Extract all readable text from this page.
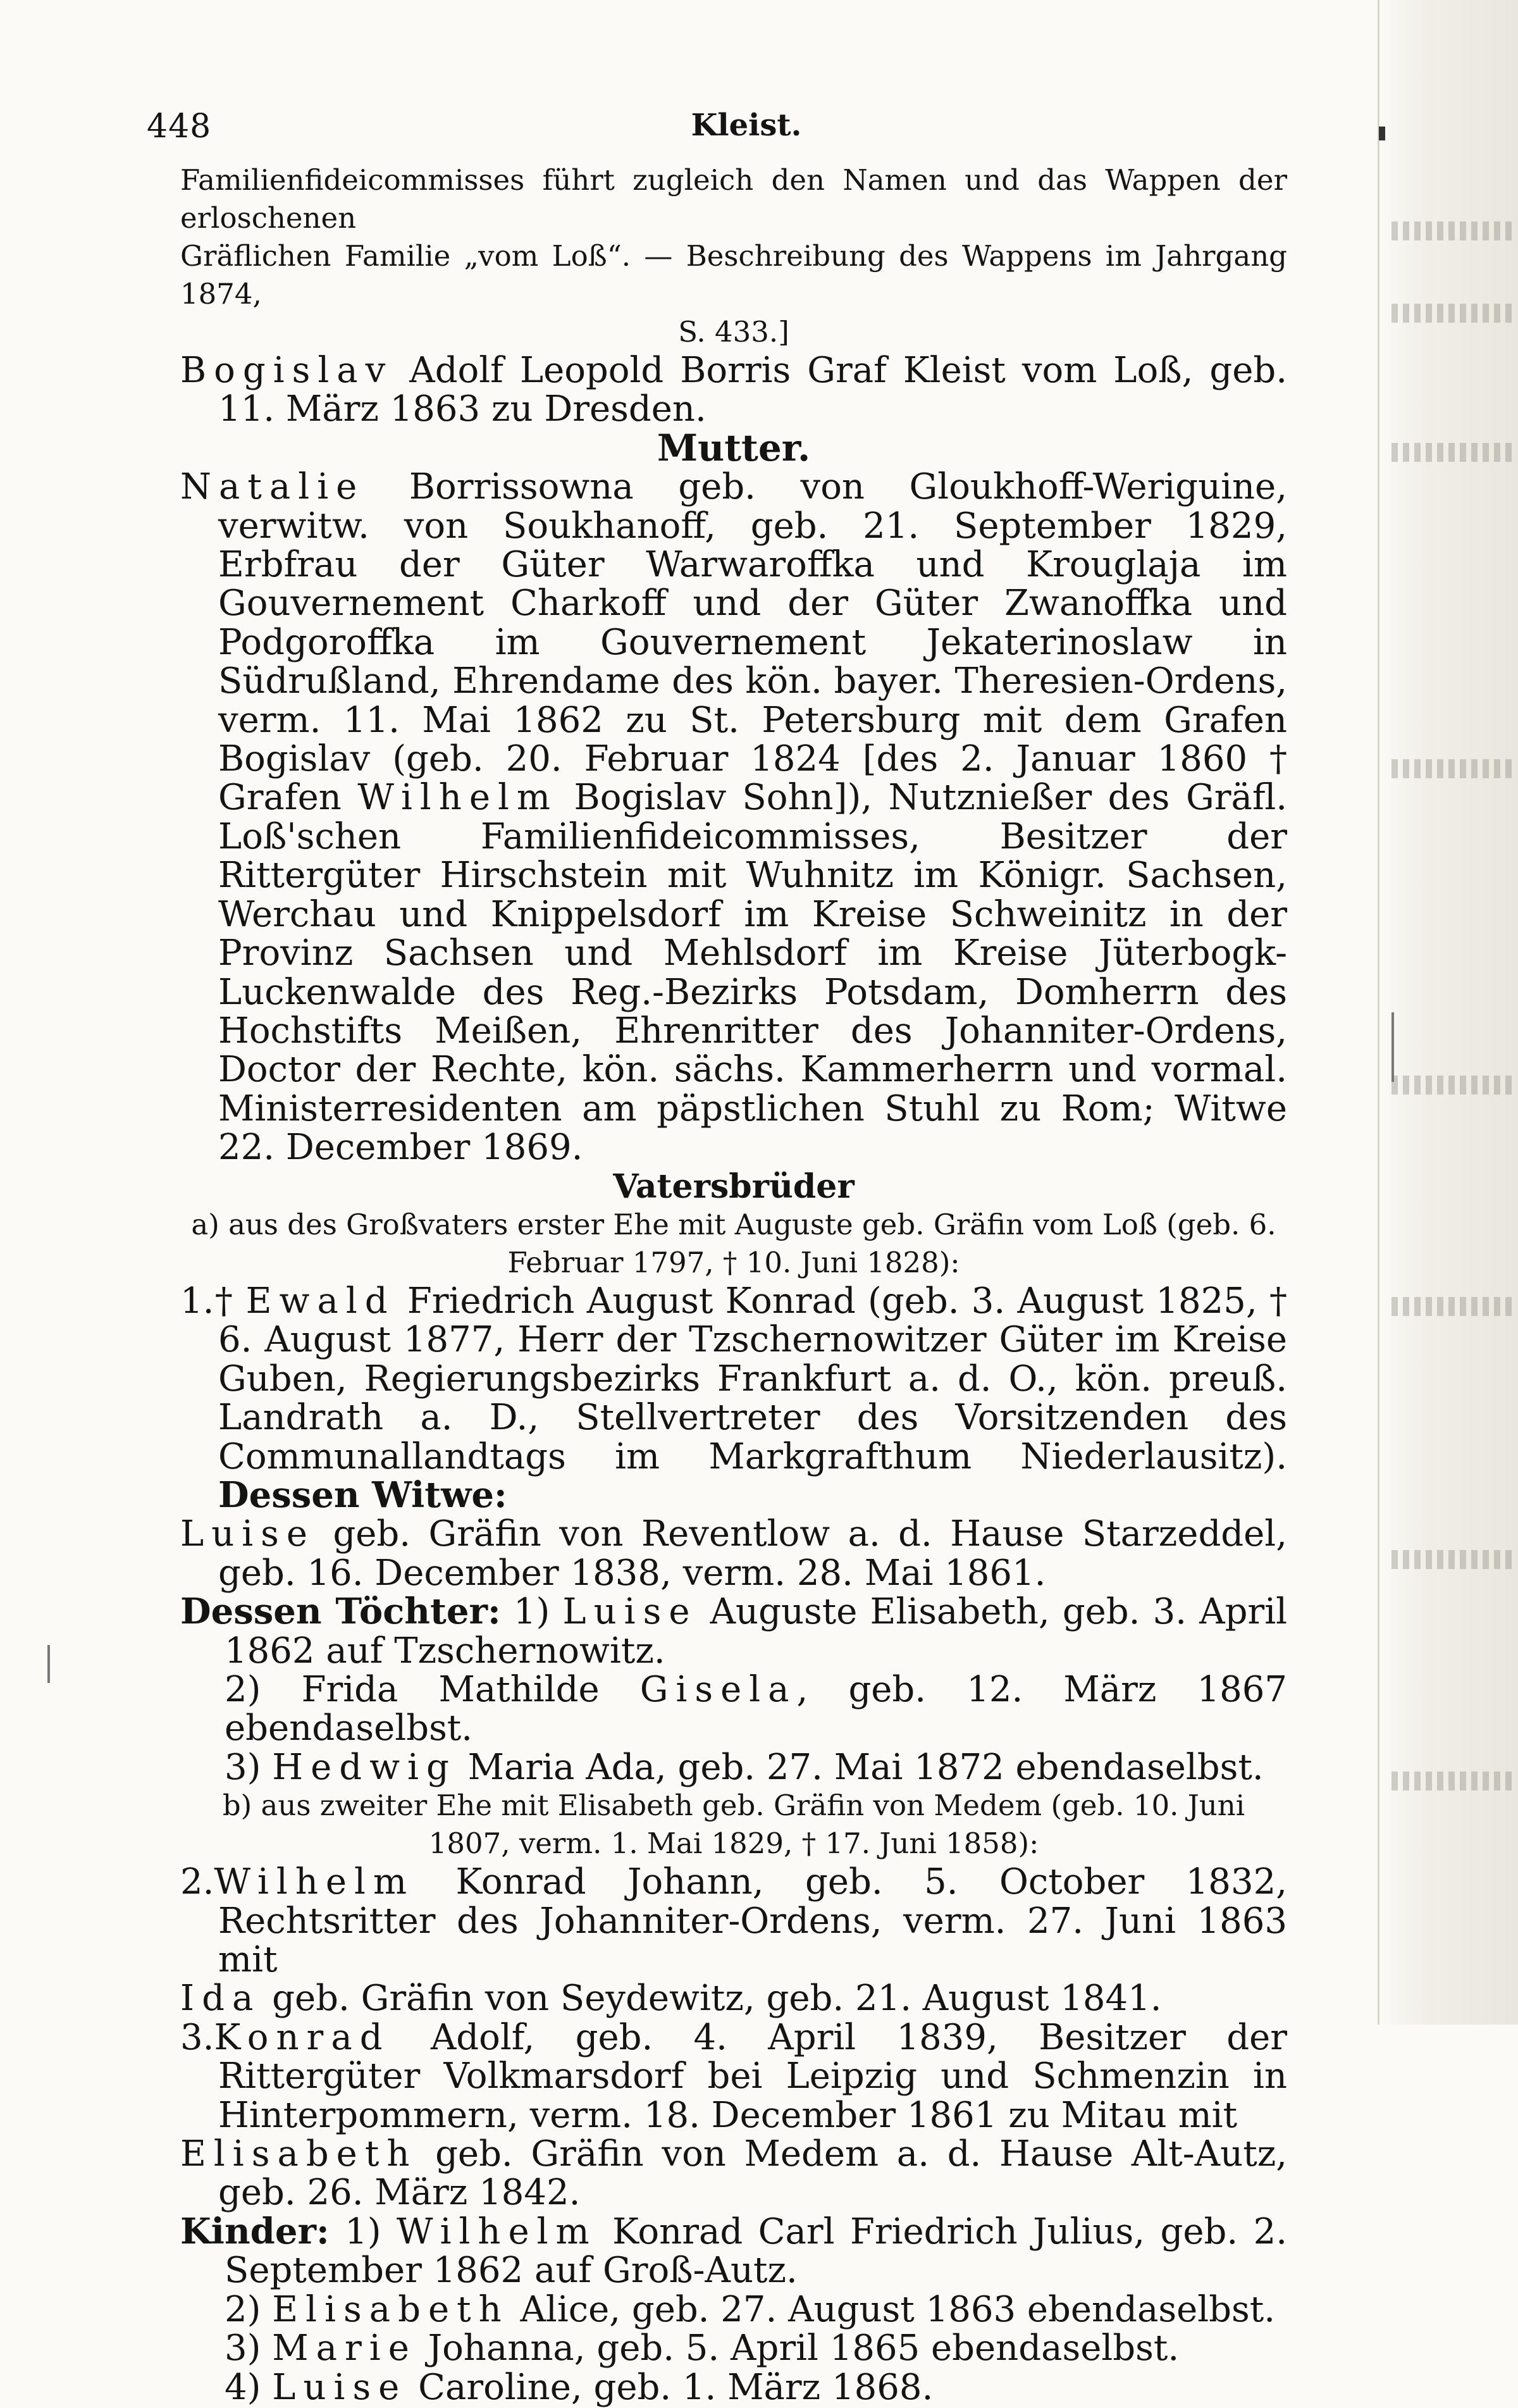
448	Kleist.

Familienfideicommisses führt zugleich den Namen und das Wappen der erloschenen

Gräflichen Familie „vom Loß“. — Beschreibung des Wappens im Jahrgang 1874,

S. 433.]

Bogislav Adolf Leopold Borris Graf Kleist vom Loß, geb. 11. März 1863 zu Dresden.

Mutter.

Natalie Borrissowna geb. von Gloukhoff-Weriguine, verwitw. von Soukhanoff, geb. 21. September 1829, Erbfrau der Güter Warwaroffka und Krouglaja im Gouvernement Charkoff und der Güter Zwanoffka und Podgoroffka im Gouvernement Jekaterinoslaw in Südrußland, Ehrendame des kön. bayer. Theresien-Ordens, verm. 11. Mai 1862 zu St. Petersburg mit dem Grafen Bogislav (geb. 20. Februar 1824 [des 2. Januar 1860 † Grafen Wilhelm Bogislav Sohn]), Nutznießer des Gräfl. Loß'schen Familienfideicommisses, Besitzer der Rittergüter Hirschstein mit Wuhnitz im Königr. Sachsen, Werchau und Knippelsdorf im Kreise Schweinitz in der Provinz Sachsen und Mehlsdorf im Kreise Jüterbogk-Luckenwalde des Reg.-Bezirks Potsdam, Domherrn des Hochstifts Meißen, Ehrenritter des Johanniter-Ordens, Doctor der Rechte, kön. sächs. Kammerherrn und vormal. Ministerresidenten am päpstlichen Stuhl zu Rom; Witwe 22. December 1869.

Vatersbrüder

a) aus des Großvaters erster Ehe mit Auguste geb. Gräfin vom Loß (geb. 6. Februar 1797, † 10. Juni 1828):

1.† Ewald Friedrich August Konrad (geb. 3. August 1825, † 6. August 1877, Herr der Tzschernowitzer Güter im Kreise Guben, Regierungsbezirks Frankfurt a. d. O., kön. preuß. Landrath a. D., Stellvertreter des Vorsitzenden des Communallandtags im Markgrafthum Niederlausitz). Dessen Witwe:

Luise geb. Gräfin von Reventlow a. d. Hause Starzeddel, geb. 16. December 1838, verm. 28. Mai 1861.

Dessen Töchter: 1) Luise Auguste Elisabeth, geb. 3. April 1862 auf Tzschernowitz.

2) Frida Mathilde Gisela, geb. 12. März 1867 ebendaselbst.

3) Hedwig Maria Ada, geb. 27. Mai 1872 ebendaselbst.

b) aus zweiter Ehe mit Elisabeth geb. Gräfin von Medem (geb. 10. Juni 1807, verm. 1. Mai 1829, † 17. Juni 1858):

2.Wilhelm Konrad Johann, geb. 5. October 1832, Rechtsritter des Johanniter-Ordens, verm. 27. Juni 1863 mit

Ida geb. Gräfin von Seydewitz, geb. 21. August 1841.

3.Konrad Adolf, geb. 4. April 1839, Besitzer der Rittergüter Volkmarsdorf bei Leipzig und Schmenzin in Hinterpommern, verm. 18. December 1861 zu Mitau mit

Elisabeth geb. Gräfin von Medem a. d. Hause Alt-Autz, geb. 26. März 1842.

Kinder: 1) Wilhelm Konrad Carl Friedrich Julius, geb. 2. September 1862 auf Groß-Autz.

2) Elisabeth Alice, geb. 27. August 1863 ebendaselbst.

3) Marie Johanna, geb. 5. April 1865 ebendaselbst.

4) Luise Caroline, geb. 1. März 1868.
